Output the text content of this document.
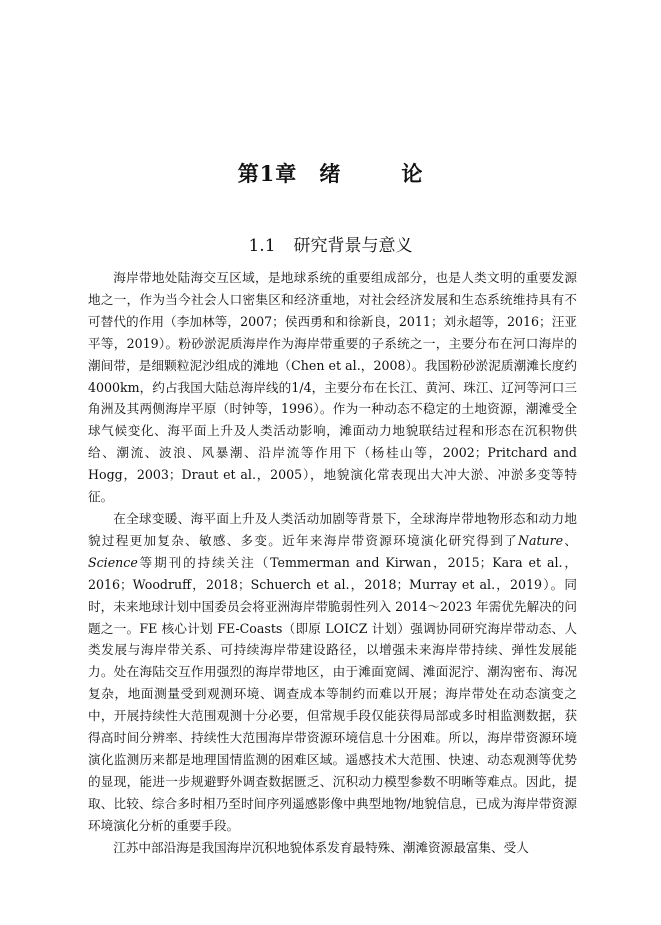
第1章 绪	论
1.1 研究背景与意义

海岸带地处陆海交互区域，是地球系统的重要组成部分，也是人类文明的重要发源地之一，作为当今社会人口密集区和经济重地，对社会经济发展和生态系统维持具有不可替代的作用（李加林等，2007；侯西勇和和徐新良，2011；刘永超等，2016；汪亚平等，2019）。粉砂淤泥质海岸作为海岸带重要的子系统之一，主要分布在河口海岸的潮间带，是细颗粒泥沙组成的滩地（Chen et al.，2008）。我国粉砂淤泥质潮滩长度约4000km，约占我国大陆总海岸线的1/4，主要分布在长江、黄河、珠江、辽河等河口三角洲及其两侧海岸平原（时钟等，1996）。作为一种动态不稳定的土地资源，潮滩受全球气候变化、海平面上升及人类活动影响，滩面动力地貌联结过程和形态在沉积物供给、潮流、波浪、风暴潮、沿岸流等作用下（杨桂山等，2002；Pritchard and Hogg，2003；Draut et al.，2005），地貌演化常表现出大冲大淤、冲淤多变等特征。

在全球变暖、海平面上升及人类活动加剧等背景下，全球海岸带地物形态和动力地貌过程更加复杂、敏感、多变。近年来海岸带资源环境演化研究得到了Nature、Science等期刊的持续关注（Temmerman and Kirwan，2015；Kara et al.，2016；Woodruff，2018；Schuerch et al.，2018；Murray et al.，2019）。同时，未来地球计划中国委员会将亚洲海岸带脆弱性列入 2014～2023 年需优先解决的问题之一。FE 核心计划 FE-Coasts（即原 LOICZ 计划）强调协同研究海岸带动态、人类发展与海岸带关系、可持续海岸带建设路径，以增强未来海岸带持续、弹性发展能力。处在海陆交互作用强烈的海岸带地区，由于滩面宽阔、滩面泥泞、潮沟密布、海况复杂，地面测量受到观测环境、调查成本等制约而难以开展；海岸带处在动态演变之中，开展持续性大范围观测十分必要，但常规手段仅能获得局部或多时相监测数据，获得高时间分辨率、持续性大范围海岸带资源环境信息十分困难。所以，海岸带资源环境演化监测历来都是地理国情监测的困难区域。遥感技术大范围、快速、动态观测等优势的显现，能进一步规避野外调查数据匮乏、沉积动力模型参数不明晰等难点。因此，提取、比较、综合多时相乃至时间序列遥感影像中典型地物/地貌信息，已成为海岸带资源环境演化分析的重要手段。

江苏中部沿海是我国海岸沉积地貌体系发育最特殊、潮滩资源最富集、受人
